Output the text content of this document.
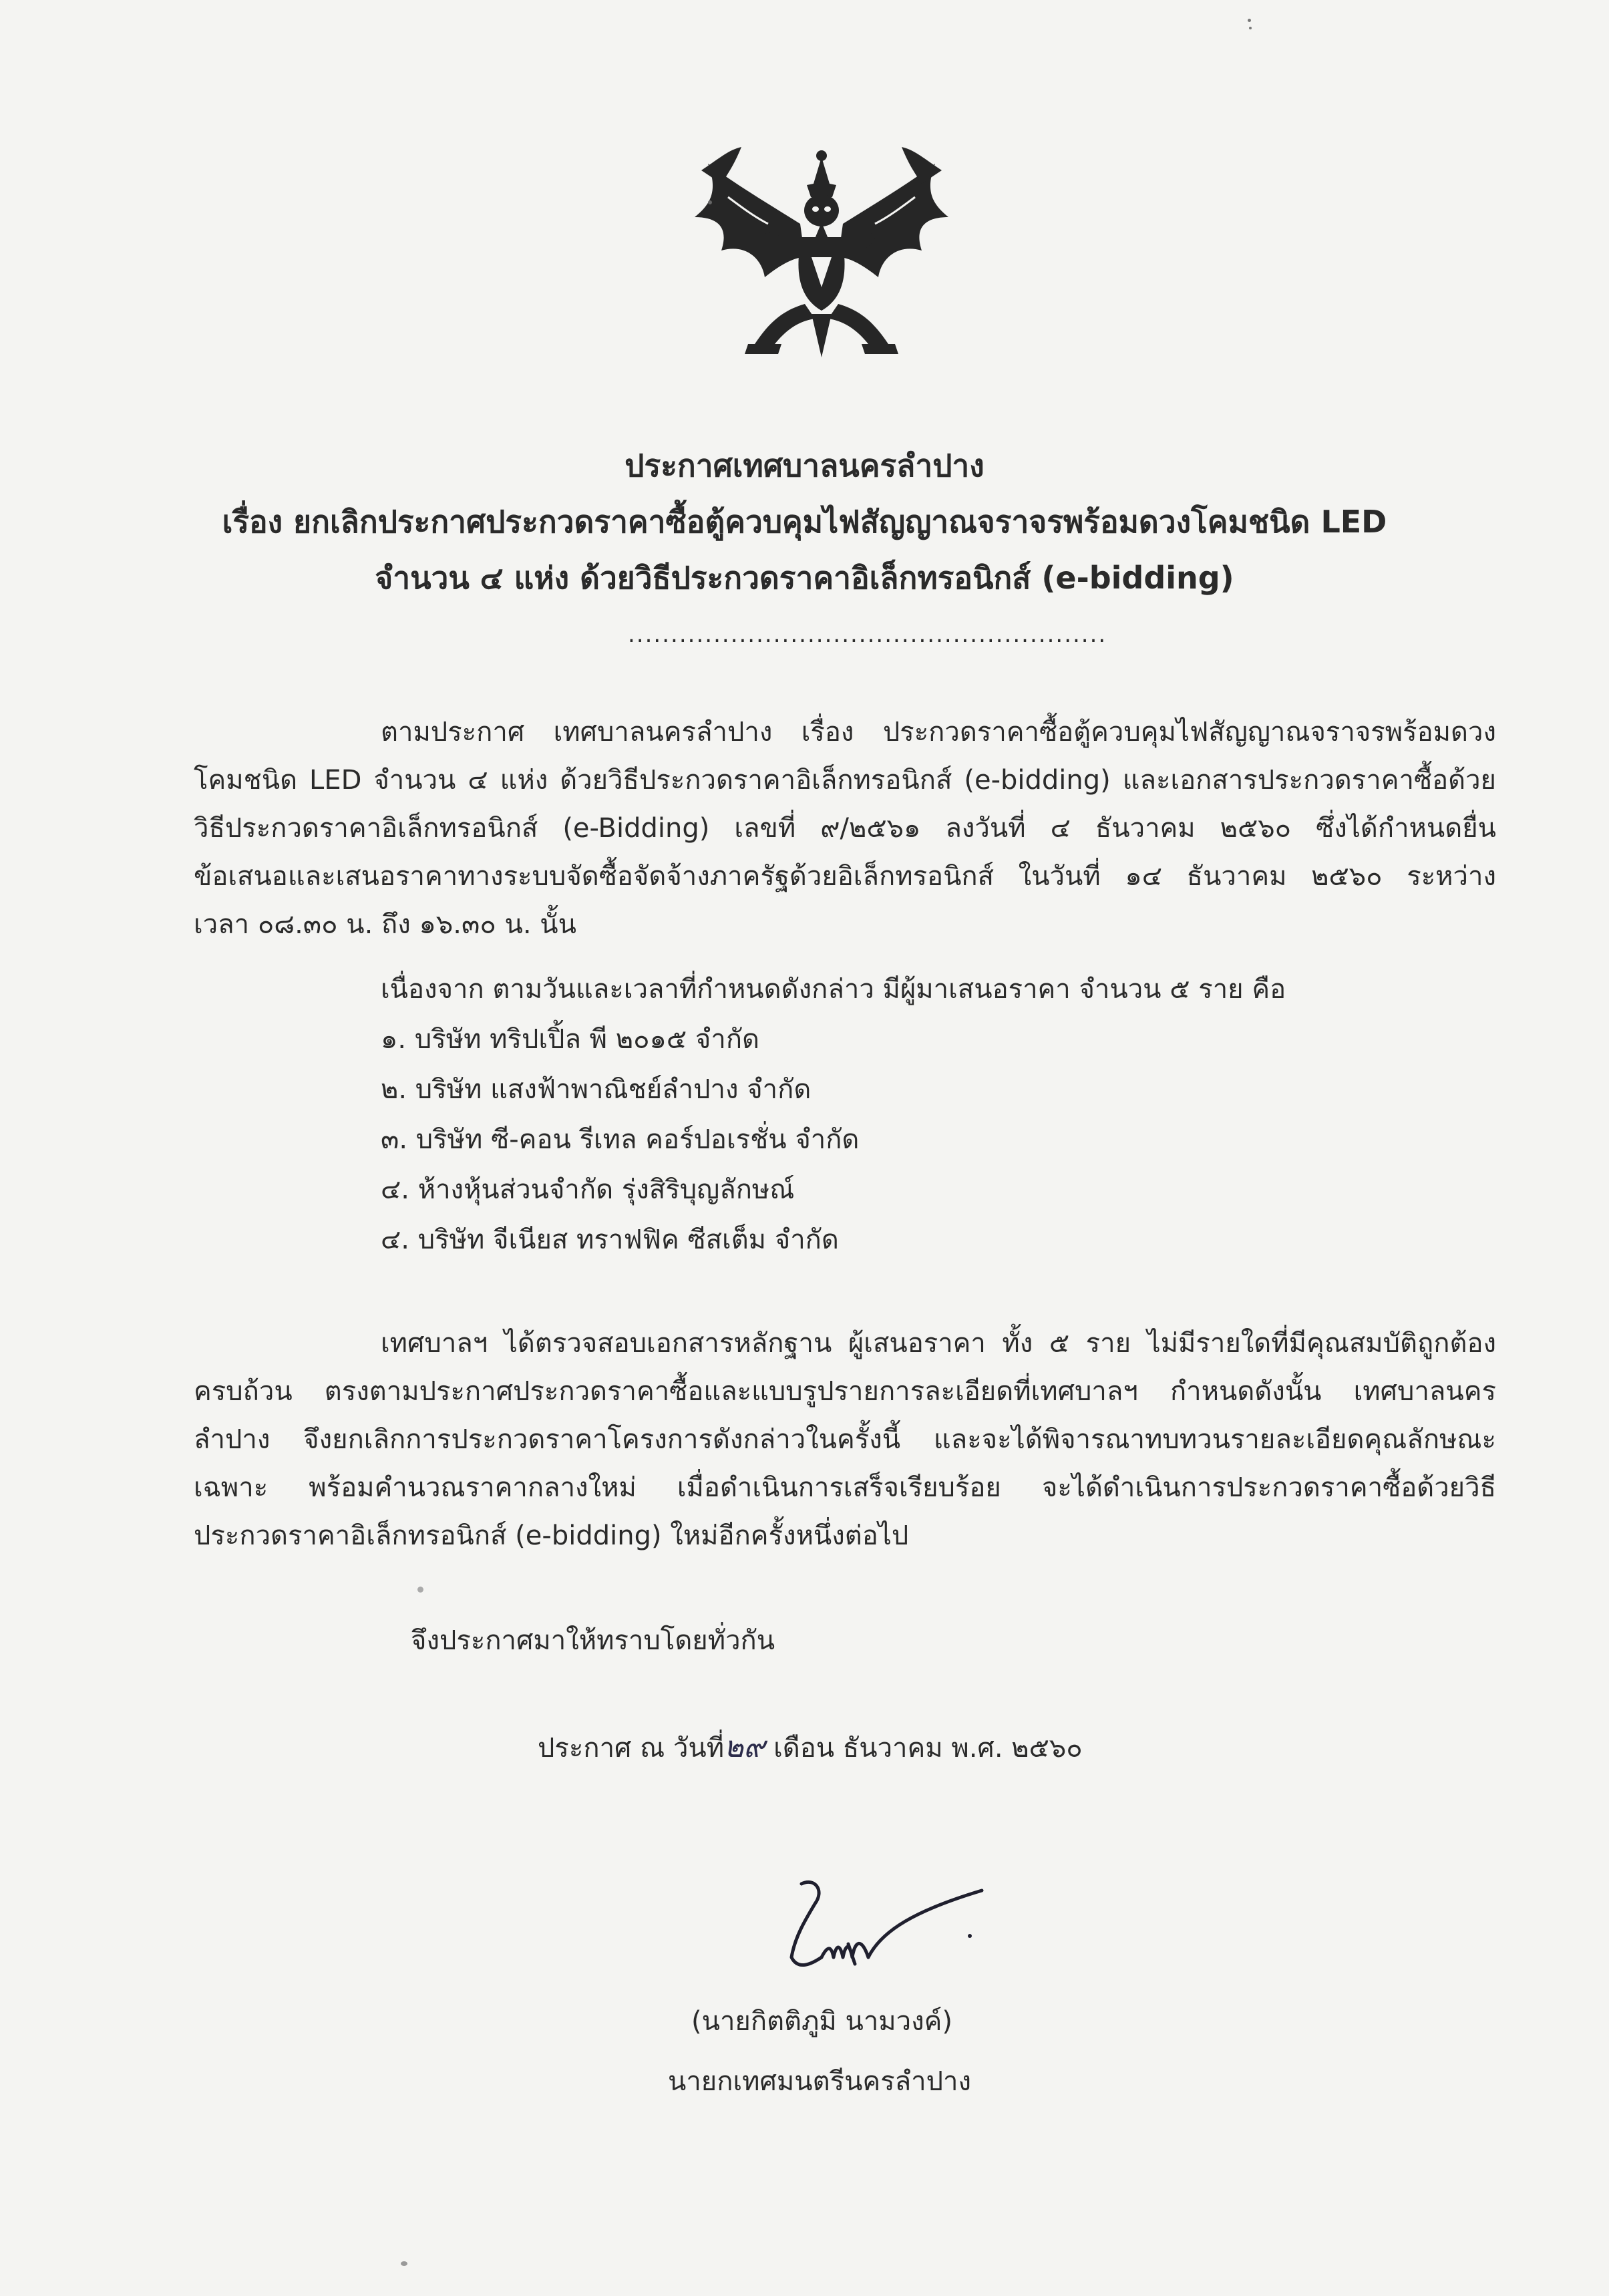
ประกาศเทศบาลนครลำปาง
เรื่อง ยกเลิกประกาศประกวดราคาซื้อตู้ควบคุมไฟสัญญาณจราจรพร้อมดวงโคมชนิด LED
จำนวน ๔ แห่ง ด้วยวิธีประกวดราคาอิเล็กทรอนิกส์ (e-bidding)
........................................................
ตามประกาศ เทศบาลนครลำปาง เรื่อง ประกวดราคาซื้อตู้ควบคุมไฟสัญญาณจราจรพร้อมดวง
โคมชนิด LED จำนวน ๔ แห่ง ด้วยวิธีประกวดราคาอิเล็กทรอนิกส์ (e-bidding) และเอกสารประกวดราคาซื้อด้วย
วิธีประกวดราคาอิเล็กทรอนิกส์ (e-Bidding) เลขที่ ๙/๒๕๖๑ ลงวันที่ ๔ ธันวาคม ๒๕๖๐ ซึ่งได้กำหนดยื่น
ข้อเสนอและเสนอราคาทางระบบจัดซื้อจัดจ้างภาครัฐด้วยอิเล็กทรอนิกส์ ในวันที่ ๑๔ ธันวาคม ๒๕๖๐ ระหว่าง
เวลา ๐๘.๓๐ น. ถึง ๑๖.๓๐ น. นั้น
เนื่องจาก ตามวันและเวลาที่กำหนดดังกล่าว มีผู้มาเสนอราคา จำนวน ๕ ราย คือ
๑. บริษัท ทริปเปิ้ล พี ๒๐๑๕ จำกัด
๒. บริษัท แสงฟ้าพาณิชย์ลำปาง จำกัด
๓. บริษัท ซี-คอน รีเทล คอร์ปอเรชั่น จำกัด
๔. ห้างหุ้นส่วนจำกัด รุ่งสิริบุญลักษณ์
๔. บริษัท จีเนียส ทราฟฟิค ซีสเต็ม จำกัด
เทศบาลฯ ได้ตรวจสอบเอกสารหลักฐาน ผู้เสนอราคา ทั้ง ๕ ราย ไม่มีรายใดที่มีคุณสมบัติถูกต้อง
ครบถ้วน ตรงตามประกาศประกวดราคาซื้อและแบบรูปรายการละเอียดที่เทศบาลฯ กำหนดดังนั้น เทศบาลนคร
ลำปาง จึงยกเลิกการประกวดราคาโครงการดังกล่าวในครั้งนี้ และจะได้พิจารณาทบทวนรายละเอียดคุณลักษณะ
เฉพาะ พร้อมคำนวณราคากลางใหม่ เมื่อดำเนินการเสร็จเรียบร้อย จะได้ดำเนินการประกวดราคาซื้อด้วยวิธี
ประกวดราคาอิเล็กทรอนิกส์ (e-bidding) ใหม่อีกครั้งหนึ่งต่อไป
จึงประกาศมาให้ทราบโดยทั่วกัน
ประกาศ ณ วันที่๒๙ เดือน ธันวาคม พ.ศ. ๒๕๖๐
(นายกิตติภูมิ นามวงค์)
นายกเทศมนตรีนครลำปาง
